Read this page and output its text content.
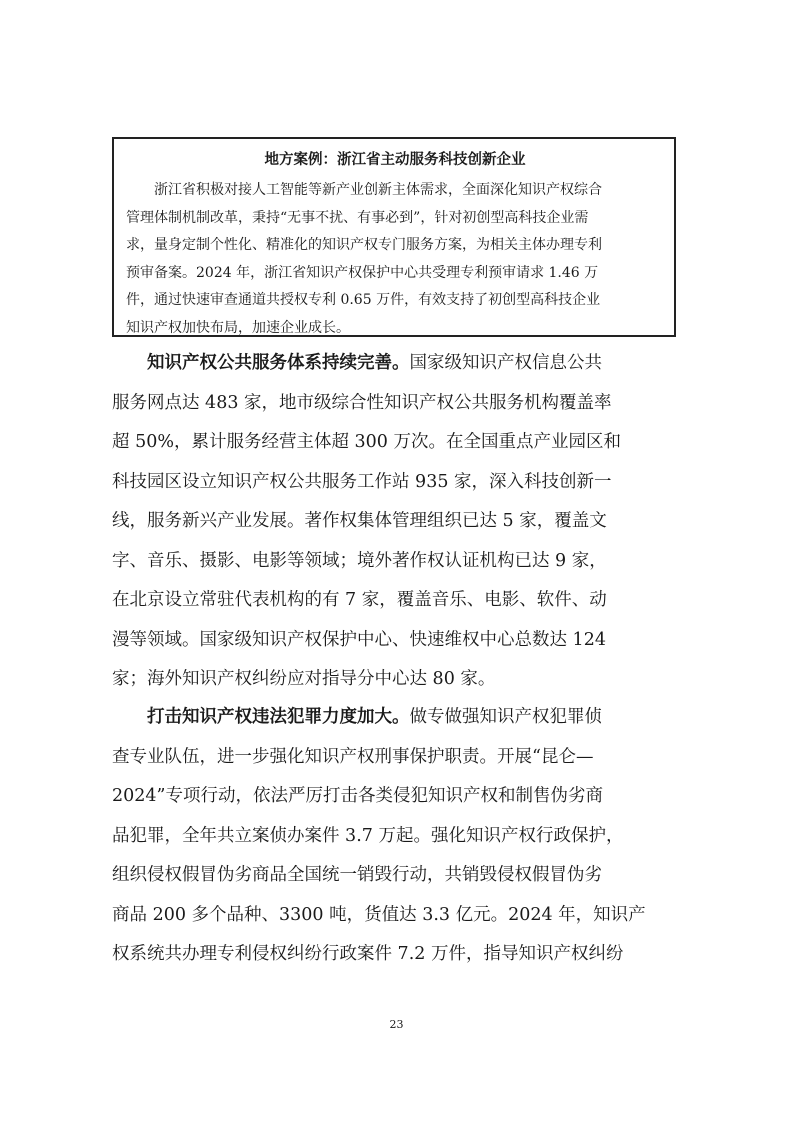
地方案例：浙江省主动服务科技创新企业
浙江省积极对接人工智能等新产业创新主体需求，全面深化知识产权综合
管理体制机制改革，秉持“无事不扰、有事必到”，针对初创型高科技企业需
求，量身定制个性化、精准化的知识产权专门服务方案，为相关主体办理专利
预审备案。2024 年，浙江省知识产权保护中心共受理专利预审请求 1.46 万
件，通过快速审查通道共授权专利 0.65 万件，有效支持了初创型高科技企业
知识产权加快布局，加速企业成长。
知识产权公共服务体系持续完善。国家级知识产权信息公共
服务网点达 483 家，地市级综合性知识产权公共服务机构覆盖率
超 50%，累计服务经营主体超 300 万次。在全国重点产业园区和
科技园区设立知识产权公共服务工作站 935 家，深入科技创新一
线，服务新兴产业发展。著作权集体管理组织已达 5 家，覆盖文
字、音乐、摄影、电影等领域；境外著作权认证机构已达 9 家，
在北京设立常驻代表机构的有 7 家，覆盖音乐、电影、软件、动
漫等领域。国家级知识产权保护中心、快速维权中心总数达 124
家；海外知识产权纠纷应对指导分中心达 80 家。
打击知识产权违法犯罪力度加大。做专做强知识产权犯罪侦
查专业队伍，进一步强化知识产权刑事保护职责。开展“昆仑—
2024”专项行动，依法严厉打击各类侵犯知识产权和制售伪劣商
品犯罪，全年共立案侦办案件 3.7 万起。强化知识产权行政保护，
组织侵权假冒伪劣商品全国统一销毁行动，共销毁侵权假冒伪劣
商品 200 多个品种、3300 吨，货值达 3.3 亿元。2024 年，知识产
权系统共办理专利侵权纠纷行政案件 7.2 万件，指导知识产权纠纷
23
